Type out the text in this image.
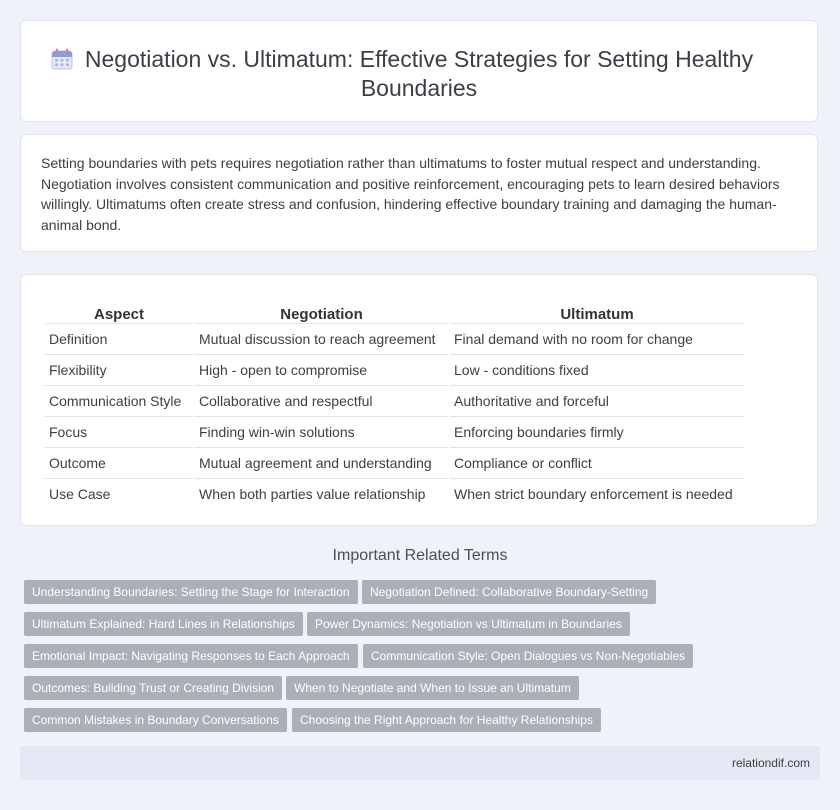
Negotiation vs. Ultimatum: Effective Strategies for Setting Healthy Boundaries

Setting boundaries with pets requires negotiation rather than ultimatums to foster mutual respect and understanding. Negotiation involves consistent communication and positive reinforcement, encouraging pets to learn desired behaviors willingly. Ultimatums often create stress and confusion, hindering effective boundary training and damaging the human-animal bond.

Aspect	Negotiation	Ultimatum
Definition	Mutual discussion to reach agreement	Final demand with no room for change
Flexibility	High - open to compromise	Low - conditions fixed
Communication Style	Collaborative and respectful	Authoritative and forceful
Focus	Finding win-win solutions	Enforcing boundaries firmly
Outcome	Mutual agreement and understanding	Compliance or conflict
Use Case	When both parties value relationship	When strict boundary enforcement is needed
Important Related Terms
Understanding Boundaries: Setting the Stage for Interaction	Negotiation Defined: Collaborative Boundary-Setting
Ultimatum Explained: Hard Lines in Relationships	Power Dynamics: Negotiation vs Ultimatum in Boundaries
Emotional Impact: Navigating Responses to Each Approach	Communication Style: Open Dialogues vs Non-Negotiables
Outcomes: Building Trust or Creating Division	When to Negotiate and When to Issue an Ultimatum
Common Mistakes in Boundary Conversations	Choosing the Right Approach for Healthy Relationships
relationdif.com
